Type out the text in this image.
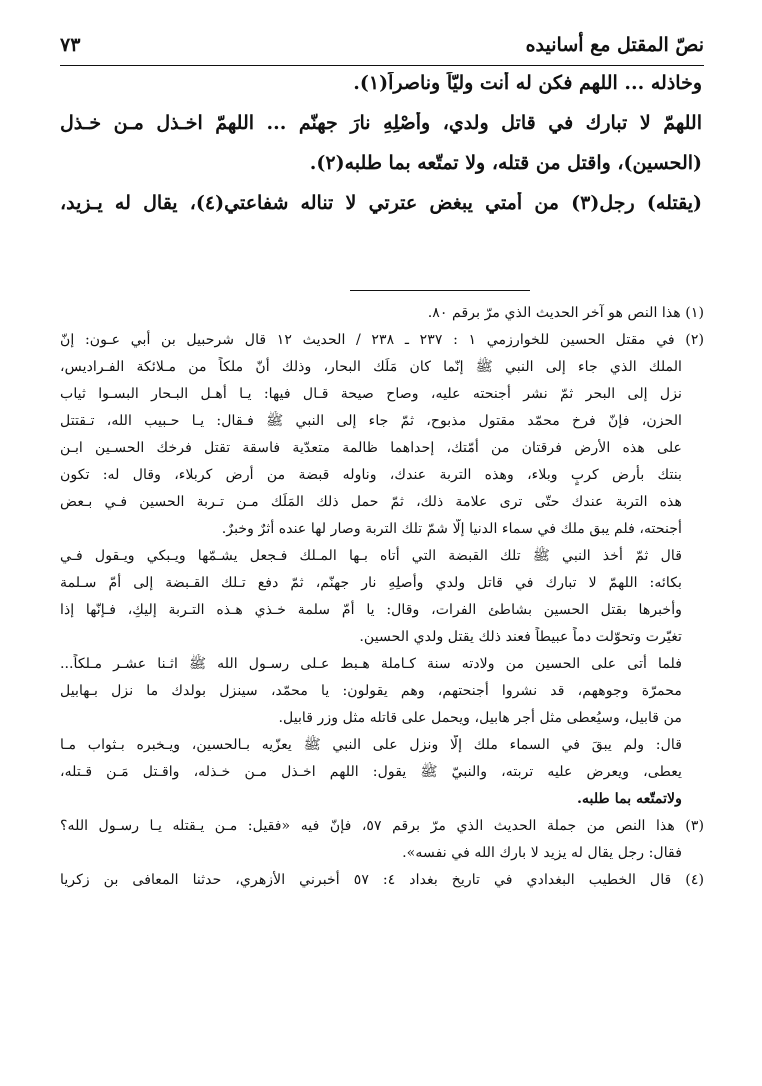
نصّ المقتل مع أسانيده
٧٣
وخاذله ... اللهم فكن له أنت وليّاً وناصراً(١).
اللهمّ لا تبارك في قاتل ولدي، وأَصْلِهِ نارَ جهنّم ... اللهمّ اخـذل مـن خـذل
(الحسين)، واقتل من قتله، ولا تمتّعه بما طلبه(٢).
(يقتله) رجل(٣) من أمتي يبغض عترتي لا تناله شفاعتي(٤)، يقال له يـزيد،
(١) هذا النص هو آخر الحديث الذي مرّ برقم ٨٠.
(٢) في مقتل الحسين للخوارزمي ١ : ٢٣٧ ـ ٢٣٨ / الحديث ١٢ قال شرحبيل بن أبي عـون: إنّ
الملك الذي جاء إلى النبي ﷺ إنّما كان مَلَك البحار، وذلك أنّ ملكاً من مـلائكة الفـراديس،
نزل إلى البحر ثمّ نشر أجنحته عليه، وصاح صيحة قـال فيها: يـا أهـل البـحار البسـوا ثياب
الحزن، فإنّ فرخ محمّد مقتول مذبوح، ثمّ جاء إلى النبي ﷺ فـقال: يـا حـبيب الله، تـقتتل
على هذه الأرض فرقتان من أُمّتك، إحداهما ظالمة متعدّية فاسقة تقتل فرخك الحسـين ابـن
بنتك بأرض كربٍ وبلاء، وهذه التربة عندك، وناوله قبضة من أرض كربلاء، وقال له: تكون
هذه التربة عندك حتّى ترى علامة ذلك، ثمّ حمل ذلك المَلَك مـن تـربة الحسين فـي بـعض
أجنحته، فلم يبق ملك في سماء الدنيا إلّا شمّ تلك التربة وصار لها عنده أثرٌ وخبرٌ.
قال ثمّ أخذ النبي ﷺ تلك القبضة التي أتاه بـها المـلك فـجعل يشـمّها ويـبكي ويـقول فـي
بكائه: اللهمّ لا تبارك في قاتل ولدي وأَصلِهِ نار جهنّم، ثمّ دفع تـلك القـبضة إلى أمّ سـلمة
وأخبرها بقتل الحسين بشاطئ الفرات، وقال: يا أمّ سلمة خـذي هـذه التـربة إليكِ، فـإنّها إذا
تغيّرت وتحوّلت دماً عبيطاً فعند ذلك يقتل ولدي الحسين.
فلما أتى على الحسين من ولادته سنة كـاملة هـبط عـلى رسـول الله ﷺ اثـنا عشـر مـلكاً...
محمرّة وجوههم، قد نشروا أجنحتهم، وهم يقولون: يا محمّد، سينزل بولدك ما نزل بـهابيل
من قابيل، وسيُعطى مثل أجر هابيل، ويحمل على قاتله مثل وزر قابيل.
قال: ولم يبقَ في السماء ملك إلّا ونزل على النبي ﷺ يعزّيه بـالحسين، ويـخبره بـثواب مـا
يعطى، ويعرض عليه تربته، والنبيّ ﷺ يقول: اللهم اخـذل مـن خـذله، واقـتل مَـن قـتله،
ولاتمتّعه بما طلبه.
(٣) هذا النص من جملة الحديث الذي مرّ برقم ٥٧، فإنّ فيه «فقيل: مـن يـقتله يـا رسـول الله؟
فقال: رجل يقال له يزيد لا بارك الله في نفسه».
(٤) قال الخطيب البغدادي في تاريخ بغداد ٤: ٥٧ أخبرني الأزهري، حدثنا المعافى بن زكريا
